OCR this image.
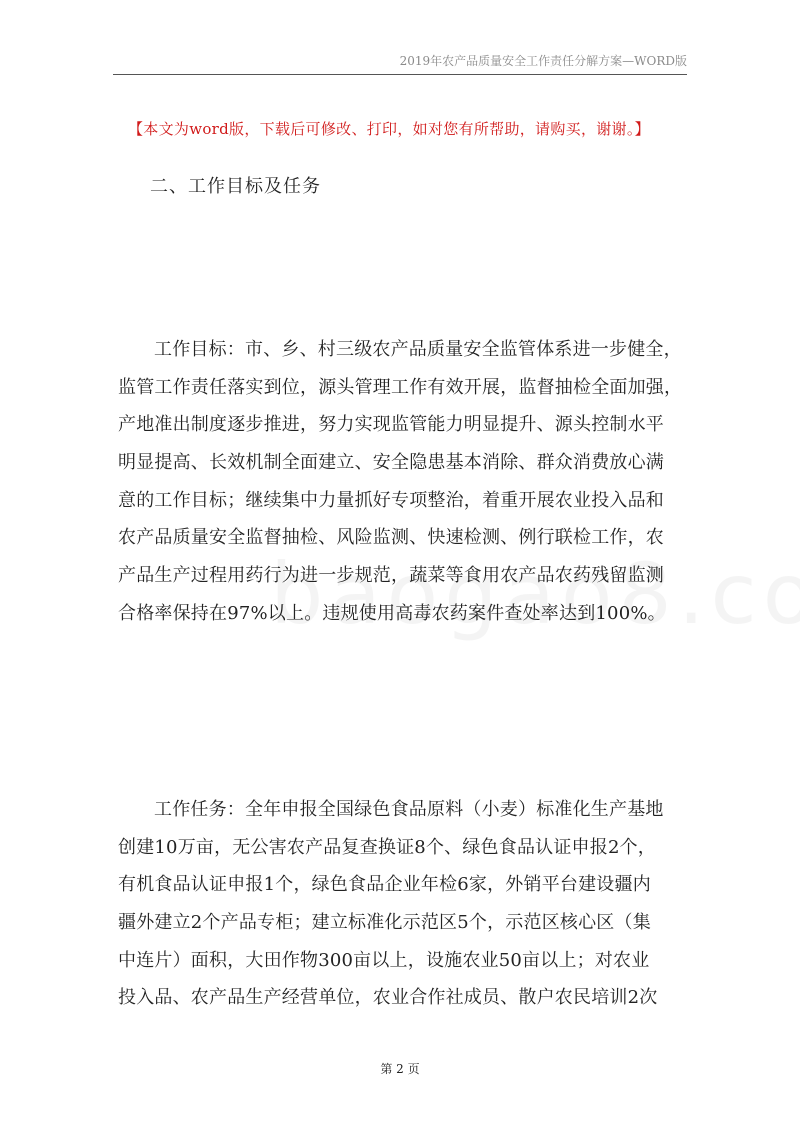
2019年农产品质量安全工作责任分解方案—WORD版
【本文为word版，下载后可修改、打印，如对您有所帮助，请购买，谢谢。】
二、工作目标及任务
工作目标：市、乡、村三级农产品质量安全监管体系进一步健全，
监管工作责任落实到位，源头管理工作有效开展，监督抽检全面加强，
产地准出制度逐步推进，努力实现监管能力明显提升、源头控制水平
明显提高、长效机制全面建立、安全隐患基本消除、群众消费放心满
意的工作目标；继续集中力量抓好专项整治，着重开展农业投入品和
农产品质量安全监督抽检、风险监测、快速检测、例行联检工作，农
产品生产过程用药行为进一步规范，蔬菜等食用农产品农药残留监测
合格率保持在97%以上。违规使用高毒农药案件查处率达到100%。
工作任务：全年申报全国绿色食品原料（小麦）标准化生产基地
创建10万亩，无公害农产品复查换证8个、绿色食品认证申报2个，
有机食品认证申报1个，绿色食品企业年检6家，外销平台建设疆内
疆外建立2个产品专柜；建立标准化示范区5个，示范区核心区（集
中连片）面积，大田作物300亩以上，设施农业50亩以上；对农业
投入品、农产品生产经营单位，农业合作社成员、散户农民培训2次
第 2 页
